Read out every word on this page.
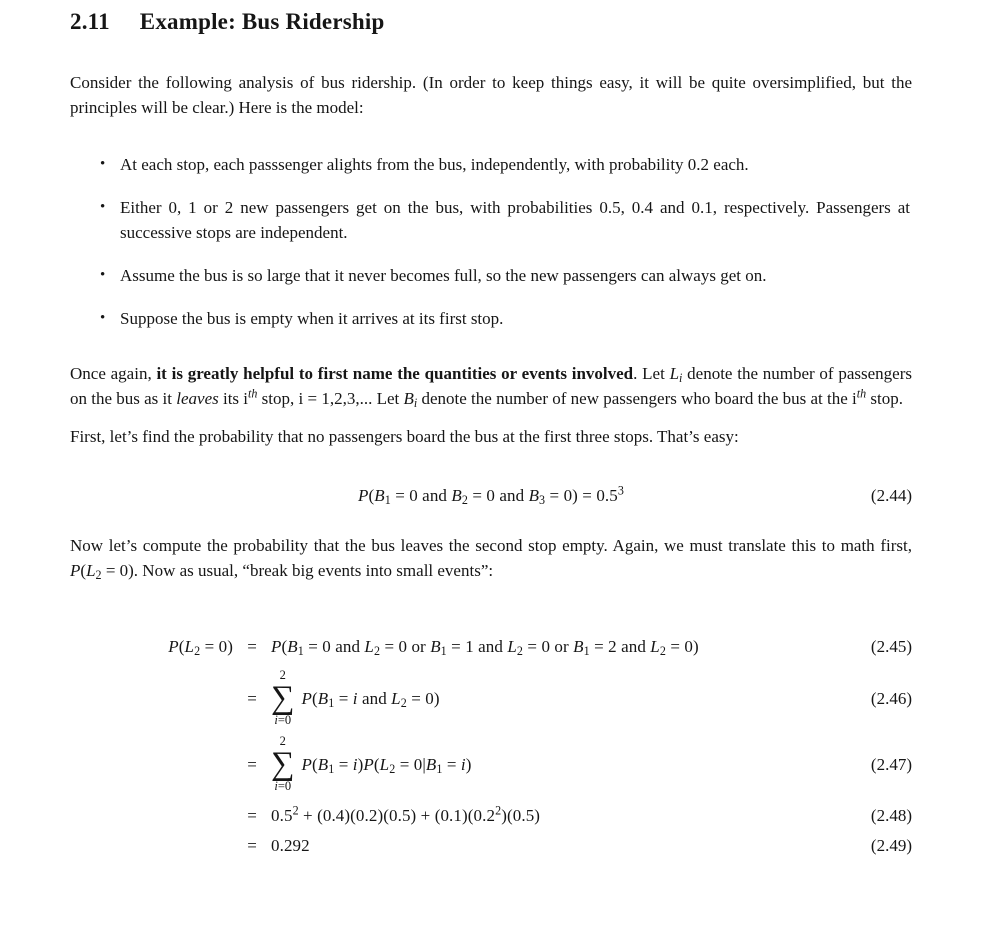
2.11 Example: Bus Ridership

Consider the following analysis of bus ridership. (In order to keep things easy, it will be quite oversimplified, but the principles will be clear.) Here is the model:

• At each stop, each passsenger alights from the bus, independently, with probability 0.2 each.
• Either 0, 1 or 2 new passengers get on the bus, with probabilities 0.5, 0.4 and 0.1, respectively. Passengers at successive stops are independent.
• Assume the bus is so large that it never becomes full, so the new passengers can always get on.
• Suppose the bus is empty when it arrives at its first stop.

Once again, it is greatly helpful to first name the quantities or events involved. Let $L_i$ denote the number of passengers on the bus as it leaves its $i^{th}$ stop, i = 1,2,3,... Let $B_i$ denote the number of new passengers who board the bus at the $i^{th}$ stop.

First, let’s find the probability that no passengers board the bus at the first three stops. That’s easy:

$P(B_1 = 0$ and $B_2 = 0$ and $B_3 = 0) = 0.5^3$	(2.44)

Now let’s compute the probability that the bus leaves the second stop empty. Again, we must translate this to math first, $P(L_2 = 0)$. Now as usual, “break big events into small events”:

$P(L_2 = 0) = P(B_1 = 0$ and $L_2 = 0$ or $B_1 = 1$ and $L_2 = 0$ or $B_1 = 2$ and $L_2 = 0$)	(2.45)
=
2
∑
i=0
$P(B_1 = i$ and $L_2 = 0$)	(2.46)
=
2
∑
i=0
$P(B_1 = i)P(L_2 = 0|B_1 = i)$	(2.47)
= $0.5^2 + (0.4)(0.2)(0.5) + (0.1)(0.2^2)(0.5)$	(2.48)
= 0.292	(2.49)
